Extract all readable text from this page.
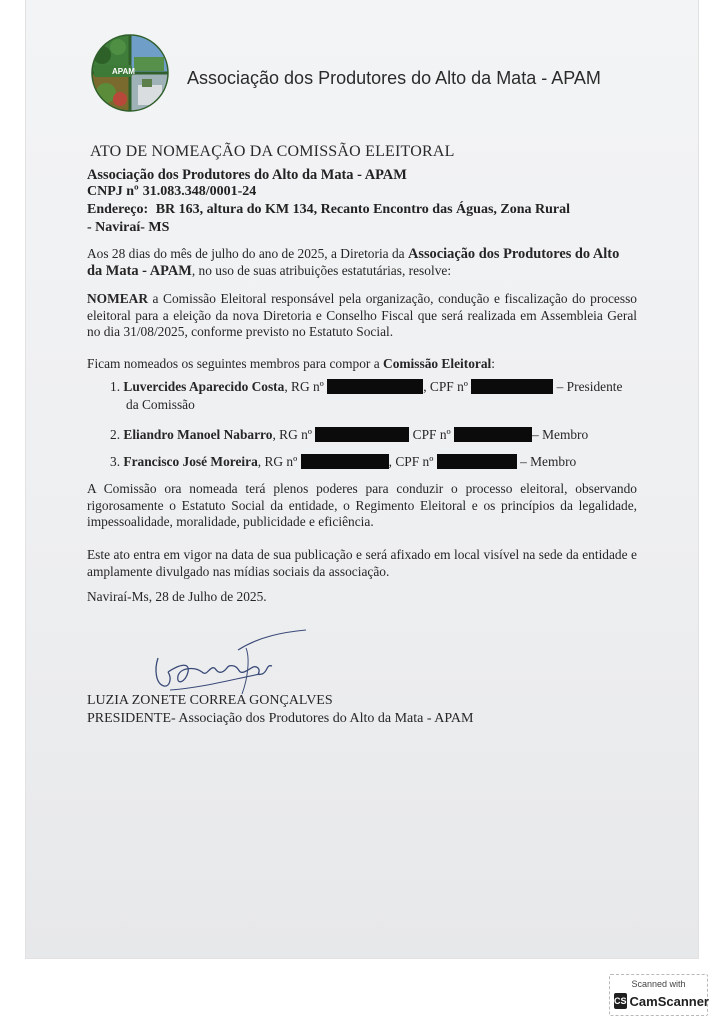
APAM	Associação dos Produtores do Alto da Mata - APAM
ATO DE NOMEAÇÃO DA COMISSÃO ELEITORAL
Associação dos Produtores do Alto da Mata - APAM
CNPJ nº 31.083.348/0001-24
Endereço: BR 163, altura do KM 134, Recanto Encontro das Águas, Zona Rural
- Naviraí- MS
Aos 28 dias do mês de julho do ano de 2025, a Diretoria da Associação dos Produtores do Alto da Mata - APAM, no uso de suas atribuições estatutárias, resolve:
NOMEAR a Comissão Eleitoral responsável pela organização, condução e fiscalização do processo eleitoral para a eleição da nova Diretoria e Conselho Fiscal que será realizada em Assembleia Geral no dia 31/08/2025, conforme previsto no Estatuto Social.
Ficam nomeados os seguintes membros para compor a Comissão Eleitoral:
1. Luvercides Aparecido Costa, RG nº	, CPF nº	– Presidente
da Comissão
2. Eliandro Manoel Nabarro, RG nº	CPF nº	– Membro
3. Francisco José Moreira, RG nº	, CPF nº	– Membro
A Comissão ora nomeada terá plenos poderes para conduzir o processo eleitoral, observando rigorosamente o Estatuto Social da entidade, o Regimento Eleitoral e os princípios da legalidade, impessoalidade, moralidade, publicidade e eficiência.
Este ato entra em vigor na data de sua publicação e será afixado em local visível na sede da entidade e amplamente divulgado nas mídias sociais da associação.
Naviraí-Ms, 28 de Julho de 2025.
LUZIA ZONETE CORREA GONÇALVES
PRESIDENTE- Associação dos Produtores do Alto da Mata - APAM
Scanned with
CS CamScanner
